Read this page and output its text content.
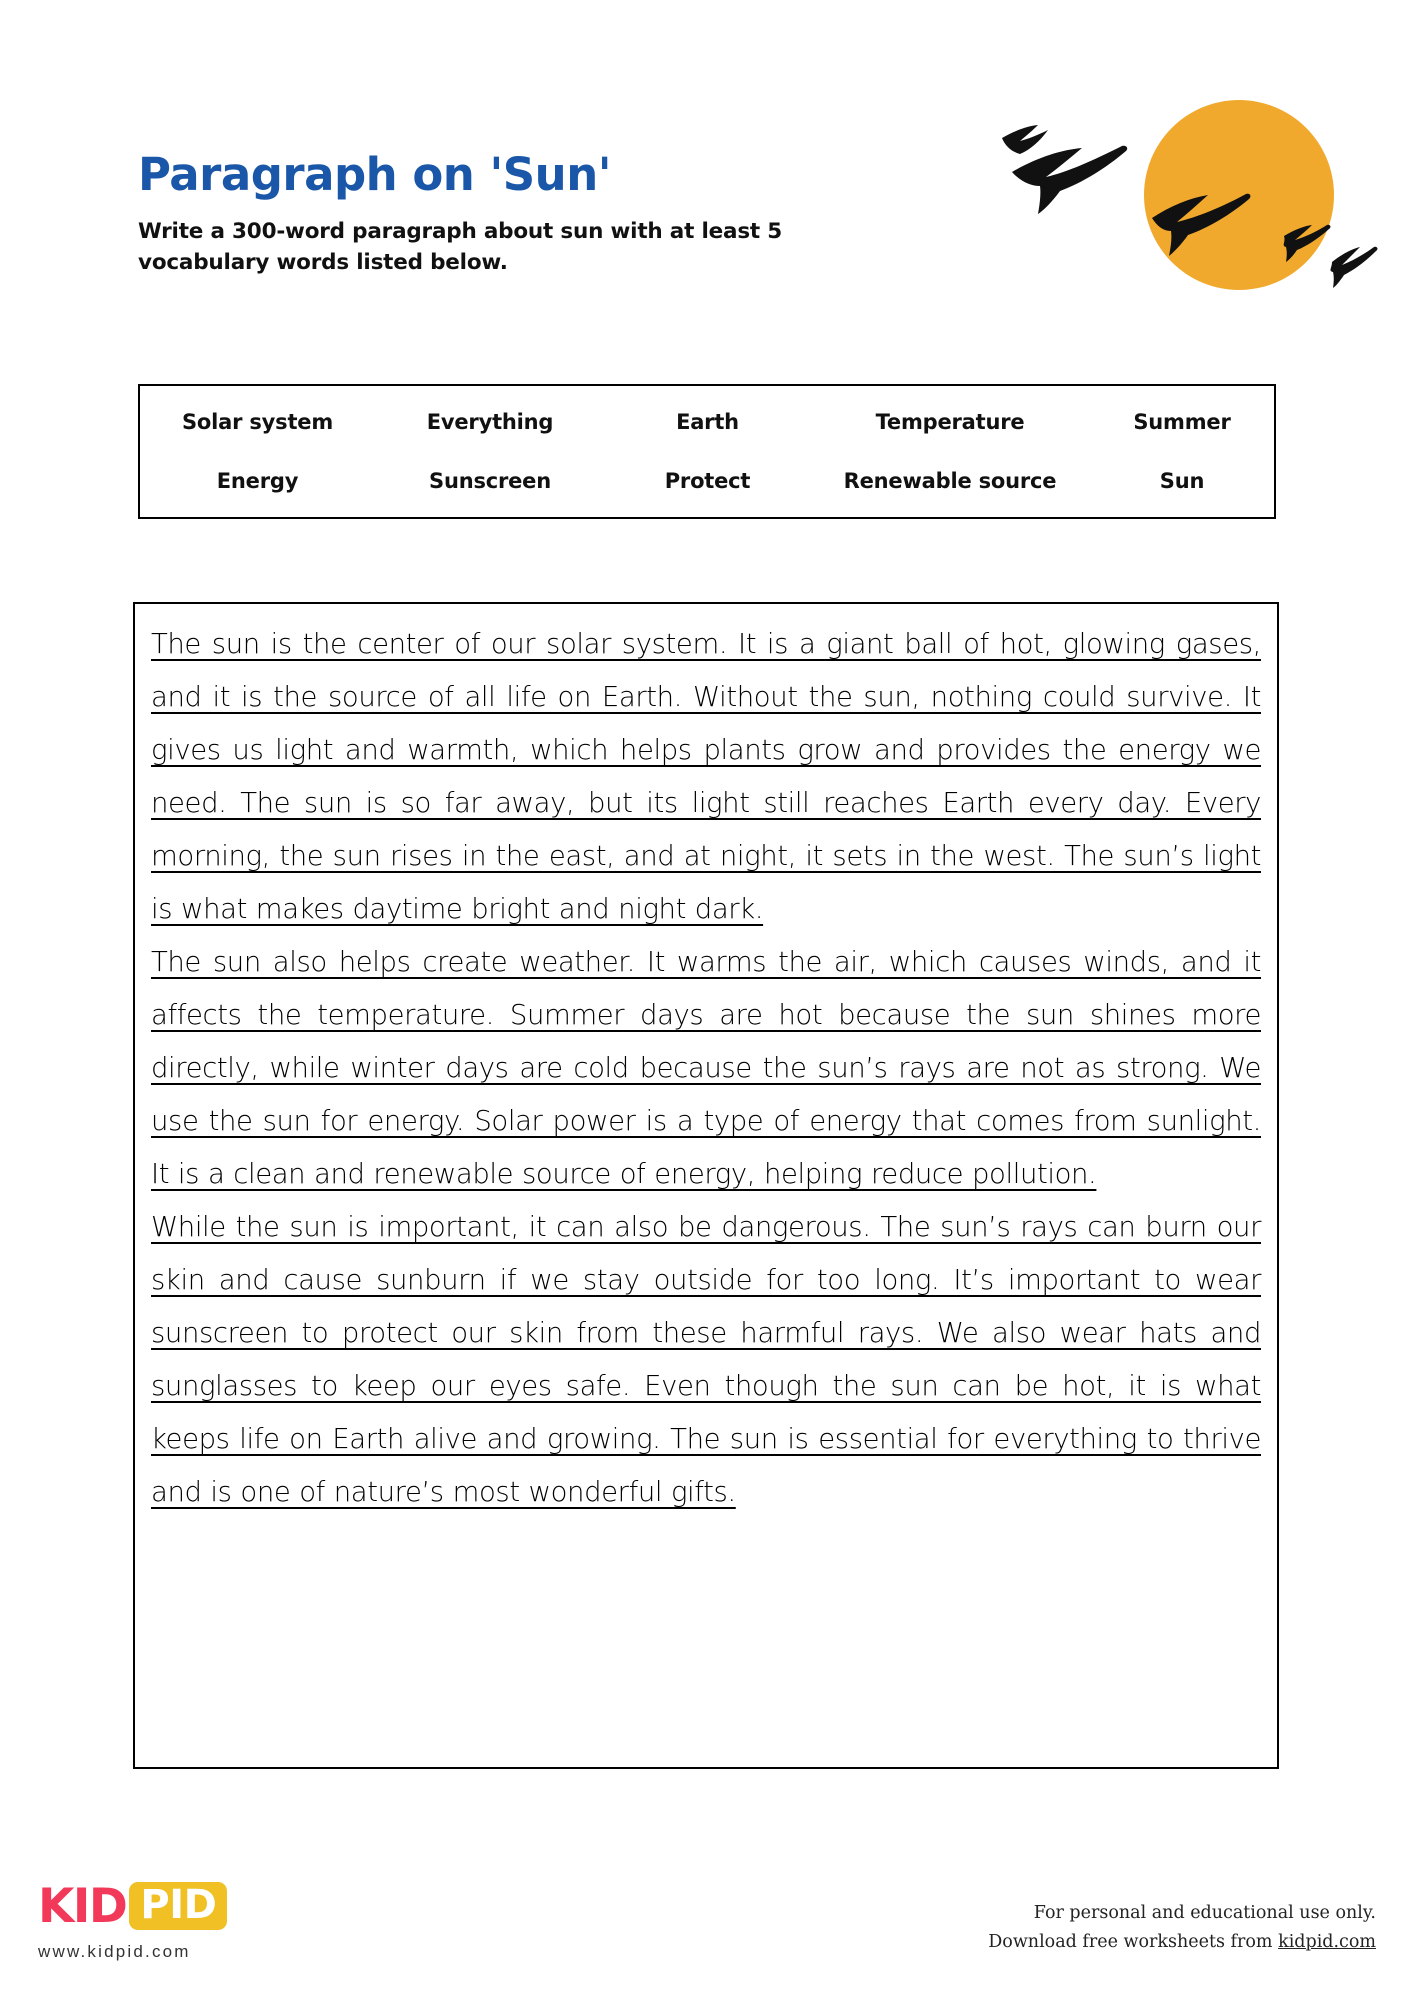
Paragraph on 'Sun'
Write a 300-word paragraph about sun with at least 5 vocabulary words listed below.
Solar system	Everything	Earth	Temperature	Summer
Energy	Sunscreen	Protect	Renewable source	Sun
The sun is the center of our solar system. It is a giant ball of hot, glowing gases, and it is the source of all life on Earth. Without the sun, nothing could survive. It gives us light and warmth, which helps plants grow and provides the energy we need. The sun is so far away, but its light still reaches Earth every day. Every morning, the sun rises in the east, and at night, it sets in the west. The sun’s light is what makes daytime bright and night dark.
The sun also helps create weather. It warms the air, which causes winds, and it affects the temperature. Summer days are hot because the sun shines more directly, while winter days are cold because the sun’s rays are not as strong. We use the sun for energy. Solar power is a type of energy that comes from sunlight. It is a clean and renewable source of energy, helping reduce pollution.
While the sun is important, it can also be dangerous. The sun’s rays can burn our skin and cause sunburn if we stay outside for too long. It’s important to wear sunscreen to protect our skin from these harmful rays. We also wear hats and sunglasses to keep our eyes safe. Even though the sun can be hot, it is what keeps life on Earth alive and growing. The sun is essential for everything to thrive and is one of nature’s most wonderful gifts.
KID PID
www.kidpid.com
For personal and educational use only.
Download free worksheets from kidpid.com
